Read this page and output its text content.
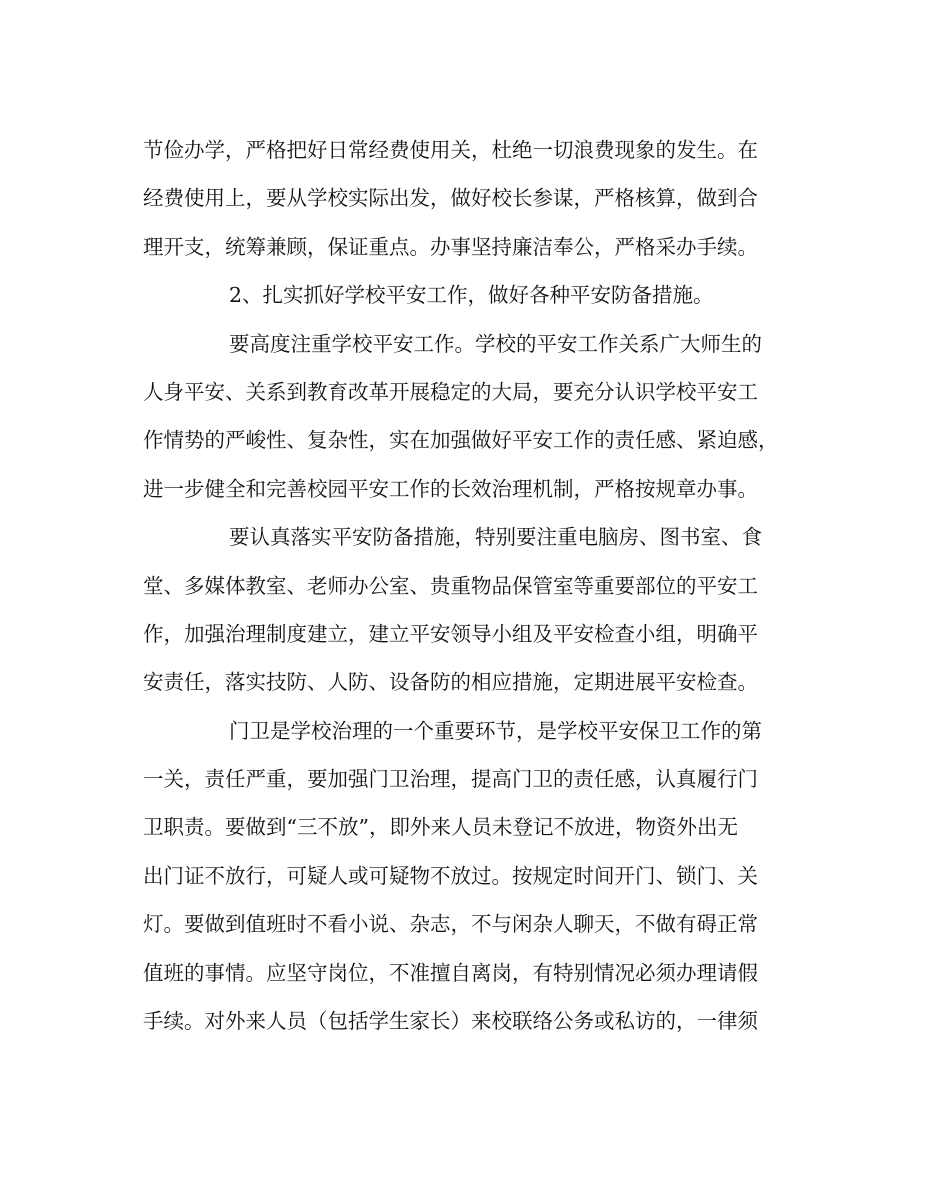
节俭办学，严格把好日常经费使用关，杜绝一切浪费现象的发生。在
经费使用上，要从学校实际出发，做好校长参谋，严格核算，做到合
理开支，统筹兼顾，保证重点。办事坚持廉洁奉公，严格采办手续。
2、扎实抓好学校平安工作，做好各种平安防备措施。
要高度注重学校平安工作。学校的平安工作关系广大师生的
人身平安、关系到教育改革开展稳定的大局，要充分认识学校平安工
作情势的严峻性、复杂性，实在加强做好平安工作的责任感、紧迫感，
进一步健全和完善校园平安工作的长效治理机制，严格按规章办事。
要认真落实平安防备措施，特别要注重电脑房、图书室、食
堂、多媒体教室、老师办公室、贵重物品保管室等重要部位的平安工
作，加强治理制度建立，建立平安领导小组及平安检查小组，明确平
安责任，落实技防、人防、设备防的相应措施，定期进展平安检查。
门卫是学校治理的一个重要环节，是学校平安保卫工作的第
一关，责任严重，要加强门卫治理，提高门卫的责任感，认真履行门
卫职责。要做到“三不放”，即外来人员未登记不放进，物资外出无
出门证不放行，可疑人或可疑物不放过。按规定时间开门、锁门、关
灯。要做到值班时不看小说、杂志，不与闲杂人聊天，不做有碍正常
值班的事情。应坚守岗位，不准擅自离岗，有特别情况必须办理请假
手续。对外来人员（包括学生家长）来校联络公务或私访的，一律须
